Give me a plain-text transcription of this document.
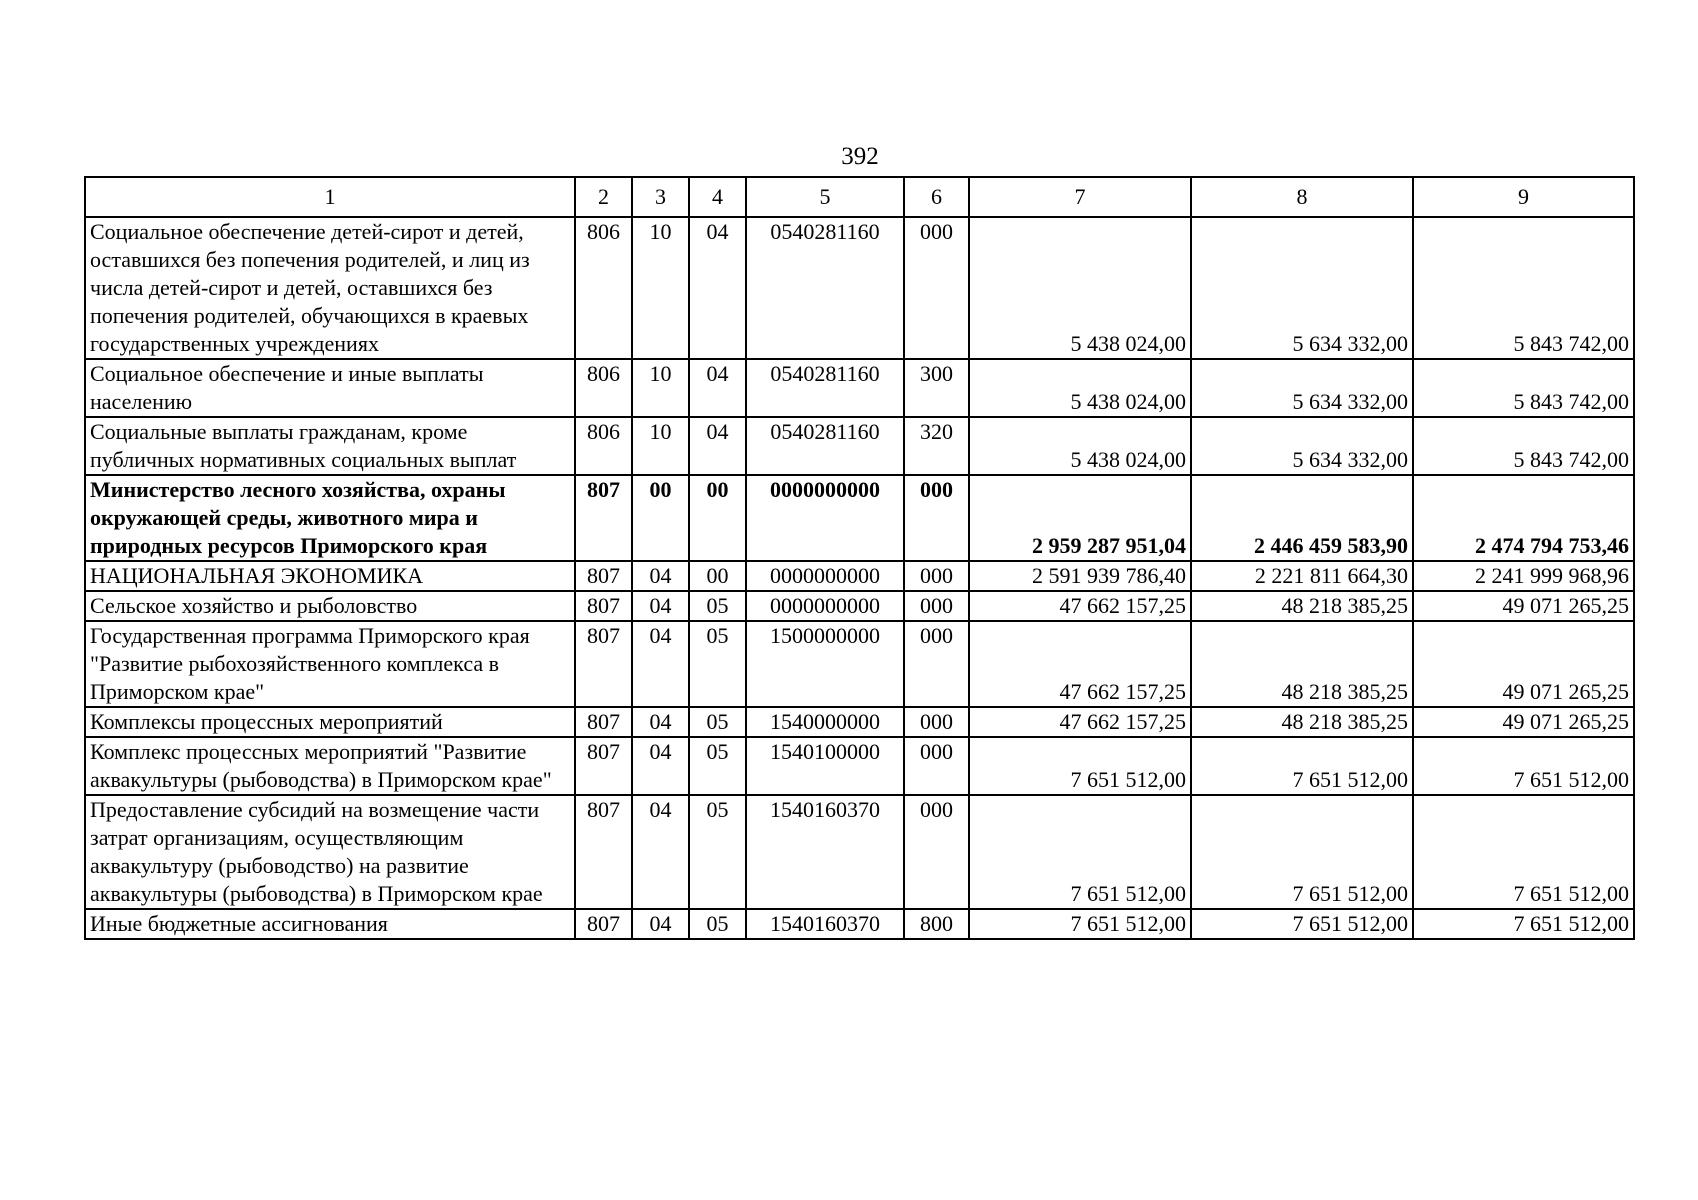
392
1	2	3	4	5	6	7	8	9
Социальное обеспечение детей-сирот и детей, оставшихся без попечения родителей, и лиц из числа детей-сирот и детей, оставшихся без попечения родителей, обучающихся в краевых государственных учреждениях	806	10	04	0540281160	000	5 438 024,00	5 634 332,00	5 843 742,00
Социальное обеспечение и иные выплаты населению	806	10	04	0540281160	300	5 438 024,00	5 634 332,00	5 843 742,00
Социальные выплаты гражданам, кроме публичных нормативных социальных выплат	806	10	04	0540281160	320	5 438 024,00	5 634 332,00	5 843 742,00
Министерство лесного хозяйства, охраны окружающей среды, животного мира и природных ресурсов Приморского края	807	00	00	0000000000	000	2 959 287 951,04	2 446 459 583,90	2 474 794 753,46
НАЦИОНАЛЬНАЯ ЭКОНОМИКА	807	04	00	0000000000	000	2 591 939 786,40	2 221 811 664,30	2 241 999 968,96
Сельское хозяйство и рыболовство	807	04	05	0000000000	000	47 662 157,25	48 218 385,25	49 071 265,25
Государственная программа Приморского края "Развитие рыбохозяйственного комплекса в Приморском крае"	807	04	05	1500000000	000	47 662 157,25	48 218 385,25	49 071 265,25
Комплексы процессных мероприятий	807	04	05	1540000000	000	47 662 157,25	48 218 385,25	49 071 265,25
Комплекс процессных мероприятий "Развитие аквакультуры (рыбоводства) в Приморском крае"	807	04	05	1540100000	000	7 651 512,00	7 651 512,00	7 651 512,00
Предоставление субсидий на возмещение части затрат организациям, осуществляющим аквакультуру (рыбоводство) на развитие аквакультуры (рыбоводства) в Приморском крае	807	04	05	1540160370	000	7 651 512,00	7 651 512,00	7 651 512,00
Иные бюджетные ассигнования	807	04	05	1540160370	800	7 651 512,00	7 651 512,00	7 651 512,00
